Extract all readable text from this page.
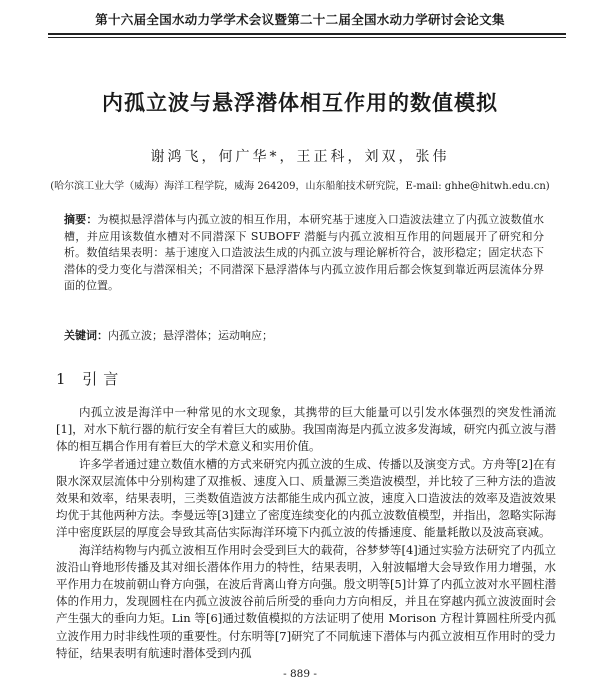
第十六届全国水动力学学术会议暨第二十二届全国水动力学研讨会论文集
内孤立波与悬浮潜体相互作用的数值模拟
谢鸿飞，何广华*，王正科，刘双，张伟
(哈尔滨工业大学（威海）海洋工程学院，威海 264209，山东船舶技术研究院，E-mail: ghhe@hitwh.edu.cn)
摘要：为模拟悬浮潜体与内孤立波的相互作用，本研究基于速度入口造波法建立了内孤立波数值水槽，并应用该数值水槽对不同潜深下 SUBOFF 潜艇与内孤立波相互作用的问题展开了研究和分析。数值结果表明：基于速度入口造波法生成的内孤立波与理论解析符合，波形稳定；固定状态下潜体的受力变化与潜深相关；不同潜深下悬浮潜体与内孤立波作用后都会恢复到靠近两层流体分界面的位置。
关键词：内孤立波；悬浮潜体；运动响应；
1 引言

内孤立波是海洋中一种常见的水文现象，其携带的巨大能量可以引发水体强烈的突发性涌流[1]，对水下航行器的航行安全有着巨大的威胁。我国南海是内孤立波多发海域，研究内孤立波与潜体的相互耦合作用有着巨大的学术意义和实用价值。

许多学者通过建立数值水槽的方式来研究内孤立波的生成、传播以及演变方式。方舟等[2]在有限水深双层流体中分别构建了双推板、速度入口、质量源三类造波模型，并比较了三种方法的造波效果和效率，结果表明，三类数值造波方法都能生成内孤立波，速度入口造波法的效率及造波效果均优于其他两种方法。李曼远等[3]建立了密度连续变化的内孤立波数值模型，并指出，忽略实际海洋中密度跃层的厚度会导致其高估实际海洋环境下内孤立波的传播速度、能量耗散以及波高衰减。

海洋结构物与内孤立波相互作用时会受到巨大的载荷，谷梦梦等[4]通过实验方法研究了内孤立波沿山脊地形传播及其对细长潜体作用力的特性，结果表明，入射波幅增大会导致作用力增强，水平作用力在坡前朝山脊方向强，在波后背离山脊方向强。殷文明等[5]计算了内孤立波对水平圆柱潜体的作用力，发现圆柱在内孤立波波谷前后所受的垂向力方向相反，并且在穿越内孤立波波面时会产生强大的垂向力矩。Lin 等[6]通过数值模拟的方法证明了使用 Morison 方程计算圆柱所受内孤立波作用力时非线性项的重要性。付东明等[7]研究了不同航速下潜体与内孤立波相互作用时的受力特征，结果表明有航速时潜体受到内孤

- 889 -
